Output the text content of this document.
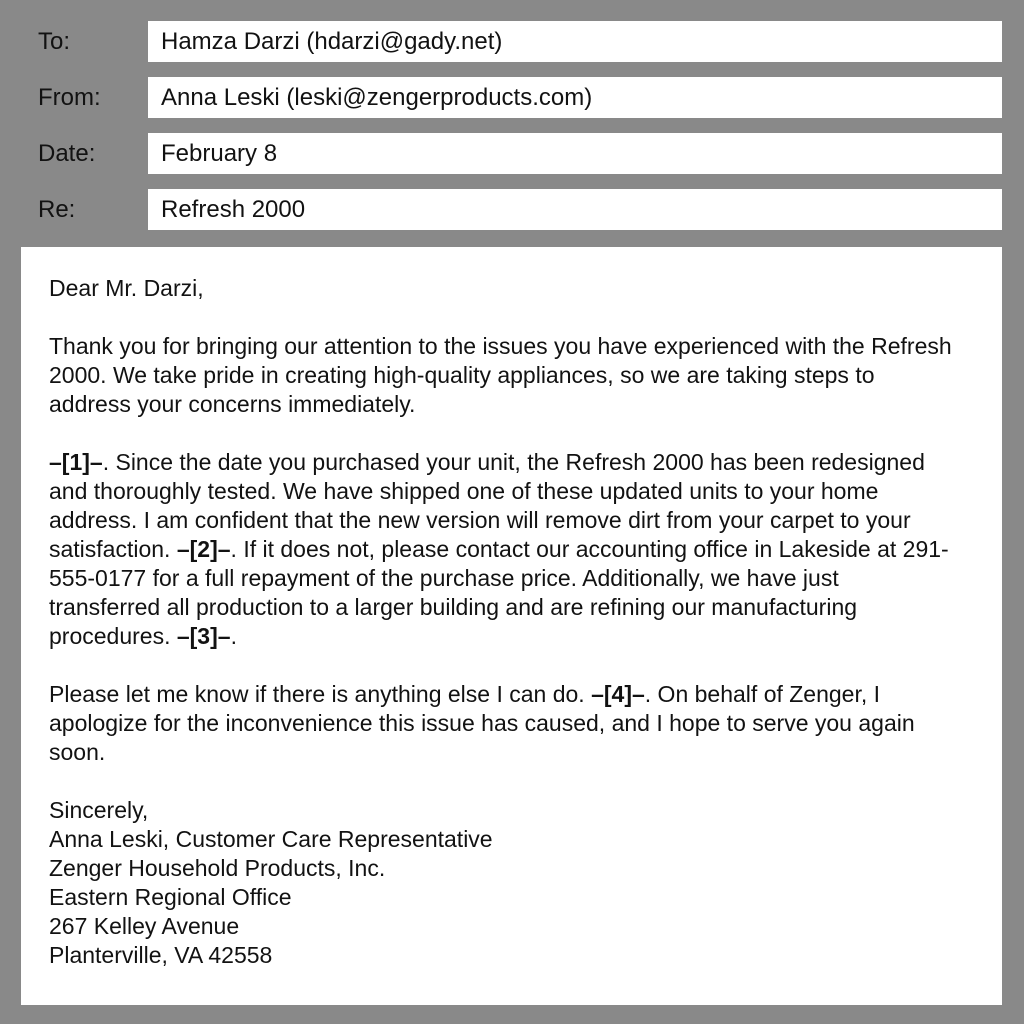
To:	Hamza Darzi (hdarzi@gady.net)
From:	Anna Leski (leski@zengerproducts.com)
Date:	February 8
Re:	Refresh 2000

Dear Mr. Darzi,

Thank you for bringing our attention to the issues you have experienced with the Refresh 2000. We take pride in creating high-quality appliances, so we are taking steps to address your concerns immediately.

–[1]–. Since the date you purchased your unit, the Refresh 2000 has been redesigned and thoroughly tested. We have shipped one of these updated units to your home address. I am confident that the new version will remove dirt from your carpet to your satisfaction. –[2]–. If it does not, please contact our accounting office in Lakeside at 291-555-0177 for a full repayment of the purchase price. Additionally, we have just transferred all production to a larger building and are refining our manufacturing procedures. –[3]–.

Please let me know if there is anything else I can do. –[4]–. On behalf of Zenger, I apologize for the inconvenience this issue has caused, and I hope to serve you again soon.

Sincerely,
Anna Leski, Customer Care Representative
Zenger Household Products, Inc.
Eastern Regional Office
267 Kelley Avenue
Planterville, VA 42558
